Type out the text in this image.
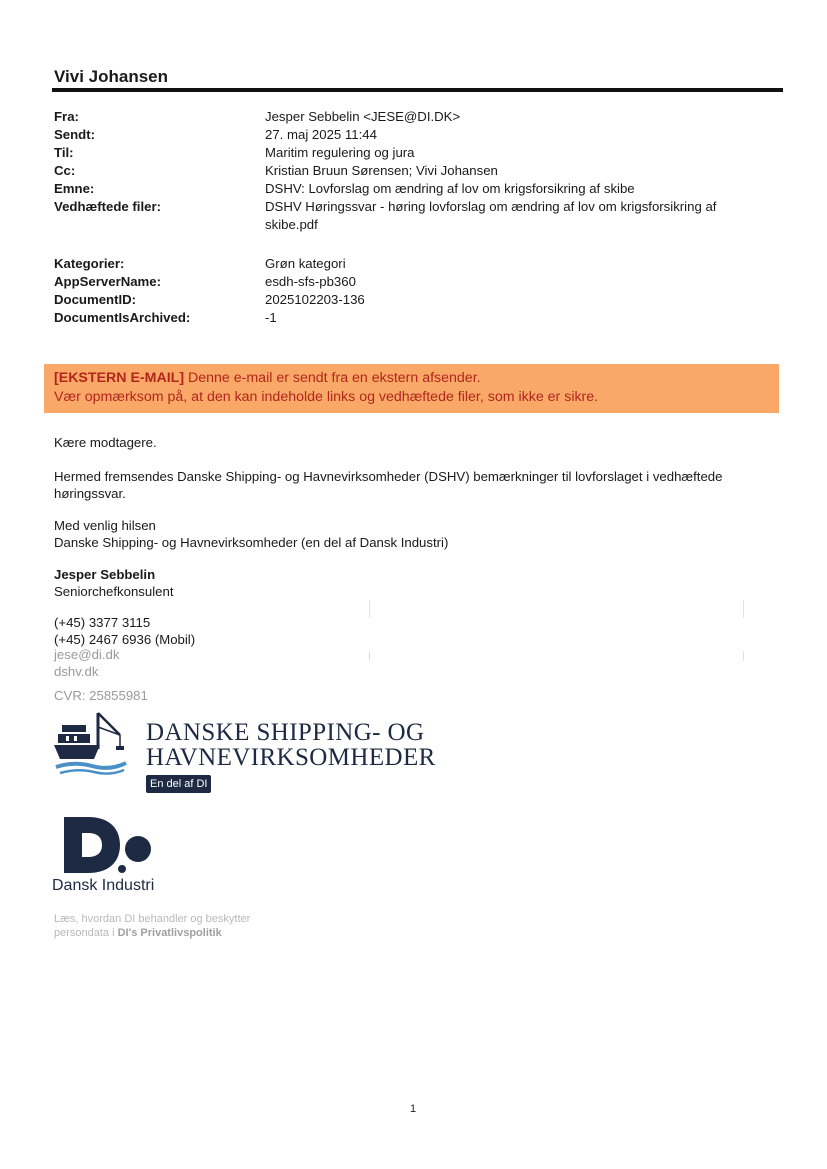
Vivi Johansen
Fra:	Jesper Sebbelin <JESE@DI.DK>
Sendt:	27. maj 2025 11:44
Til:	Maritim regulering og jura
Cc:	Kristian Bruun Sørensen; Vivi Johansen
Emne:	DSHV: Lovforslag om ændring af lov om krigsforsikring af skibe
Vedhæftede filer:	DSHV Høringssvar - høring lovforslag om ændring af lov om krigsforsikring af skibe.pdf
Kategorier:	Grøn kategori
AppServerName:	esdh-sfs-pb360
DocumentID:	2025102203-136
DocumentIsArchived:	-1
[EKSTERN E-MAIL] Denne e-mail er sendt fra en ekstern afsender.
Vær opmærksom på, at den kan indeholde links og vedhæftede filer, som ikke er sikre.
Kære modtagere.
Hermed fremsendes Danske Shipping- og Havnevirksomheder (DSHV) bemærkninger til lovforslaget i vedhæftede høringssvar.
Med venlig hilsen
Danske Shipping- og Havnevirksomheder (en del af Dansk Industri)
Jesper Sebbelin
Seniorchefkonsulent
(+45) 3377 3115
(+45) 2467 6936 (Mobil)
jese@di.dk
dshv.dk
CVR: 25855981
DANSKE SHIPPING- OG
HAVNEVIRKSOMHEDER
En del af DI
Dansk Industri
Læs, hvordan DI behandler og beskytter
persondata i DI's Privatlivspolitik
1
